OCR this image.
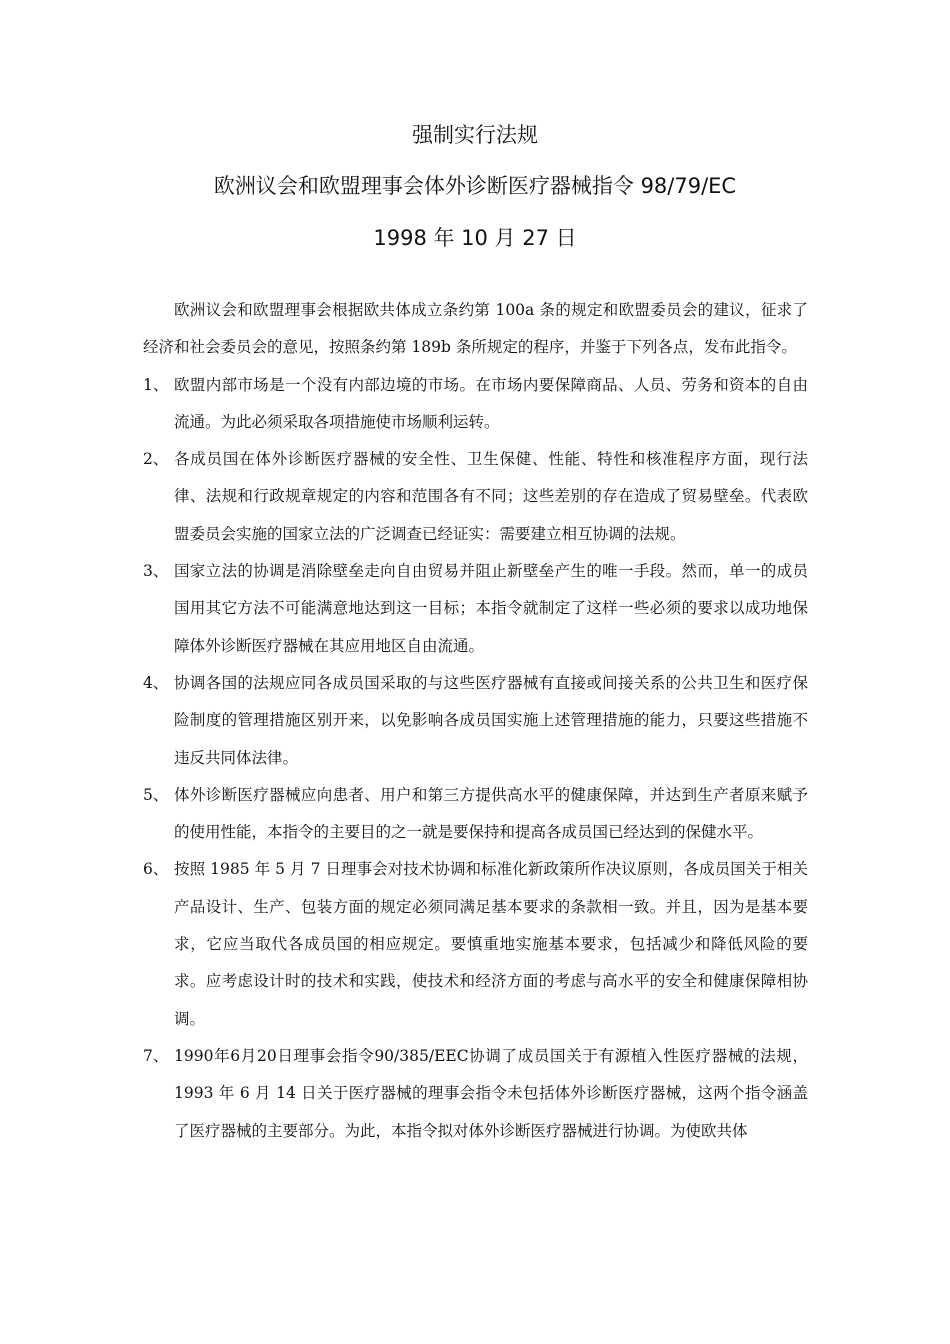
强制实行法规
欧洲议会和欧盟理事会体外诊断医疗器械指令 98/79/EC
1998 年 10 月 27 日

欧洲议会和欧盟理事会根据欧共体成立条约第 100a 条的规定和欧盟委员会的建议，征求了经济和社会委员会的意见，按照条约第 189b 条所规定的程序，并鉴于下列各点，发布此指令。

1、 欧盟内部市场是一个没有内部边境的市场。在市场内要保障商品、人员、劳务和资本的自由流通。为此必须采取各项措施使市场顺利运转。

2、 各成员国在体外诊断医疗器械的安全性、卫生保健、性能、特性和核准程序方面，现行法律、法规和行政规章规定的内容和范围各有不同；这些差别的存在造成了贸易壁垒。代表欧盟委员会实施的国家立法的广泛调查已经证实：需要建立相互协调的法规。

3、 国家立法的协调是消除壁垒走向自由贸易并阻止新壁垒产生的唯一手段。然而，单一的成员国用其它方法不可能满意地达到这一目标；本指令就制定了这样一些必须的要求以成功地保障体外诊断医疗器械在其应用地区自由流通。

4、 协调各国的法规应同各成员国采取的与这些医疗器械有直接或间接关系的公共卫生和医疗保险制度的管理措施区别开来，以免影响各成员国实施上述管理措施的能力，只要这些措施不违反共同体法律。

5、 体外诊断医疗器械应向患者、用户和第三方提供高水平的健康保障，并达到生产者原来赋予的使用性能，本指令的主要目的之一就是要保持和提高各成员国已经达到的保健水平。

6、 按照 1985 年 5 月 7 日理事会对技术协调和标准化新政策所作决议原则，各成员国关于相关产品设计、生产、包装方面的规定必须同满足基本要求的条款相一致。并且，因为是基本要求，它应当取代各成员国的相应规定。要慎重地实施基本要求，包括减少和降低风险的要求。应考虑设计时的技术和实践，使技术和经济方面的考虑与高水平的安全和健康保障相协调。

7、 1990年6月20日理事会指令90/385/EEC协调了成员国关于有源植入性医疗器械的法规，1993 年 6 月 14 日关于医疗器械的理事会指令未包括体外诊断医疗器械，这两个指令涵盖了医疗器械的主要部分。为此，本指令拟对体外诊断医疗器械进行协调。为使欧共体
